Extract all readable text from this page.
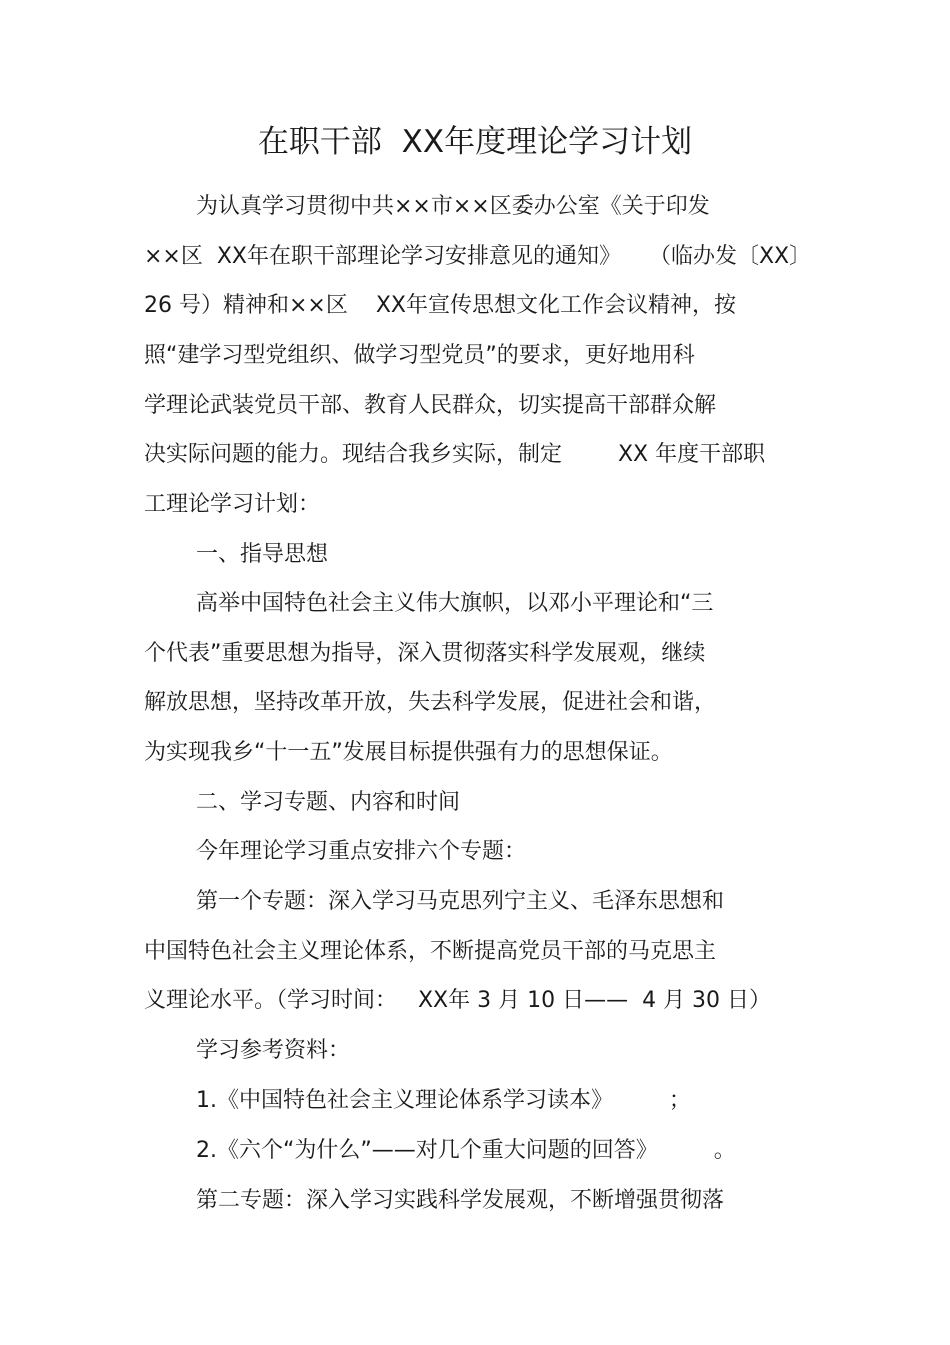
在职干部  XX年度理论学习计划
为认真学习贯彻中共××市××区委办公室《关于印发
××区  XX年在职干部理论学习安排意见的通知》    （临办发〔XX〕
26 号）精神和××区    XX年宣传思想文化工作会议精神，按
照“建学习型党组织、做学习型党员”的要求，更好地用科
学理论武装党员干部、教育人民群众，切实提高干部群众解
决实际问题的能力。现结合我乡实际，制定        XX 年度干部职
工理论学习计划：
一、指导思想
高举中国特色社会主义伟大旗帜，以邓小平理论和“三
个代表”重要思想为指导，深入贯彻落实科学发展观，继续
解放思想，坚持改革开放，失去科学发展，促进社会和谐，
为实现我乡“十一五”发展目标提供强有力的思想保证。
二、学习专题、内容和时间
今年理论学习重点安排六个专题：
第一个专题：深入学习马克思列宁主义、毛泽东思想和
中国特色社会主义理论体系，不断提高党员干部的马克思主
义理论水平。（学习时间：   XX年 3 月 10 日——  4 月 30 日）
学习参考资料：
1.《中国特色社会主义理论体系学习读本》        ；
2.《六个“为什么”——对几个重大问题的回答》        。
第二专题：深入学习实践科学发展观，不断增强贯彻落
